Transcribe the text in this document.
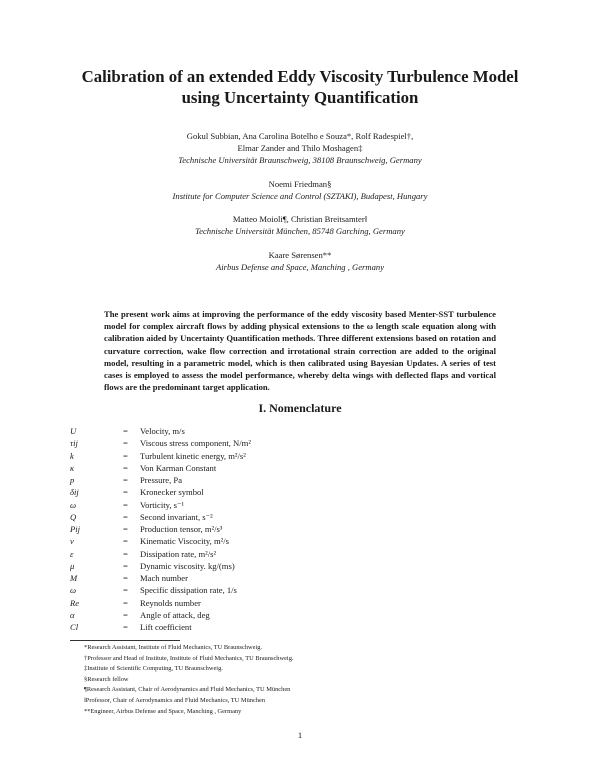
Calibration of an extended Eddy Viscosity Turbulence Model
using Uncertainty Quantification
Gokul Subbian, Ana Carolina Botelho e Souza*, Rolf Radespiel†,
Elmar Zander and Thilo Moshagen‡
Technische Universität Braunschweig, 38108 Braunschweig, Germany
Noemi Friedman§
Institute for Computer Science and Control (SZTAKI), Budapest, Hungary
Matteo Moioli¶, Christian Breitsamter‖
Technische Universität München, 85748 Garching, Germany
Kaare Sørensen**
Airbus Defense and Space, Manching , Germany
The present work aims at improving the performance of the eddy viscosity based Menter-SST turbulence model for complex aircraft flows by adding physical extensions to the ω length scale equation along with calibration aided by Uncertainty Quantification methods. Three different extensions based on rotation and curvature correction, wake flow correction and irrotational strain correction are added to the original model, resulting in a parametric model, which is then calibrated using Bayesian Updates. A series of test cases is employed to assess the model performance, whereby delta wings with deflected flaps and vortical flows are the predominant target application.
I. Nomenclature
U	= Velocity, m/s
τij	= Viscous stress component, N/m²
k	= Turbulent kinetic energy, m²/s²
κ	= Von Karman Constant
p	= Pressure, Pa
δij	= Kronecker symbol
ω	= Vorticity, s⁻¹
Q	= Second invariant, s⁻²
Pij	= Production tensor, m²/s³
ν	= Kinematic Viscocity, m²/s
ε	= Dissipation rate, m²/s²
μ	= Dynamic viscosity. kg/(ms)
M	= Mach number
ω	= Specific dissipation rate, 1/s
Re	= Reynolds number
α	= Angle of attack, deg
Cl	= Lift coefficient
*Research Assistant, Institute of Fluid Mechanics, TU Braunschweig.
†Professor and Head of Institute, Institute of Fluid Mechanics, TU Braunschweig.
‡Institute of Scientific Computing, TU Braunschweig.
§Research fellow
¶Research Assistant, Chair of Aerodynamics and Fluid Mechanics, TU München
‖Professor, Chair of Aerodynamics and Fluid Mechanics, TU München
**Engineer, Airbus Defense and Space, Manching , Germany
1
